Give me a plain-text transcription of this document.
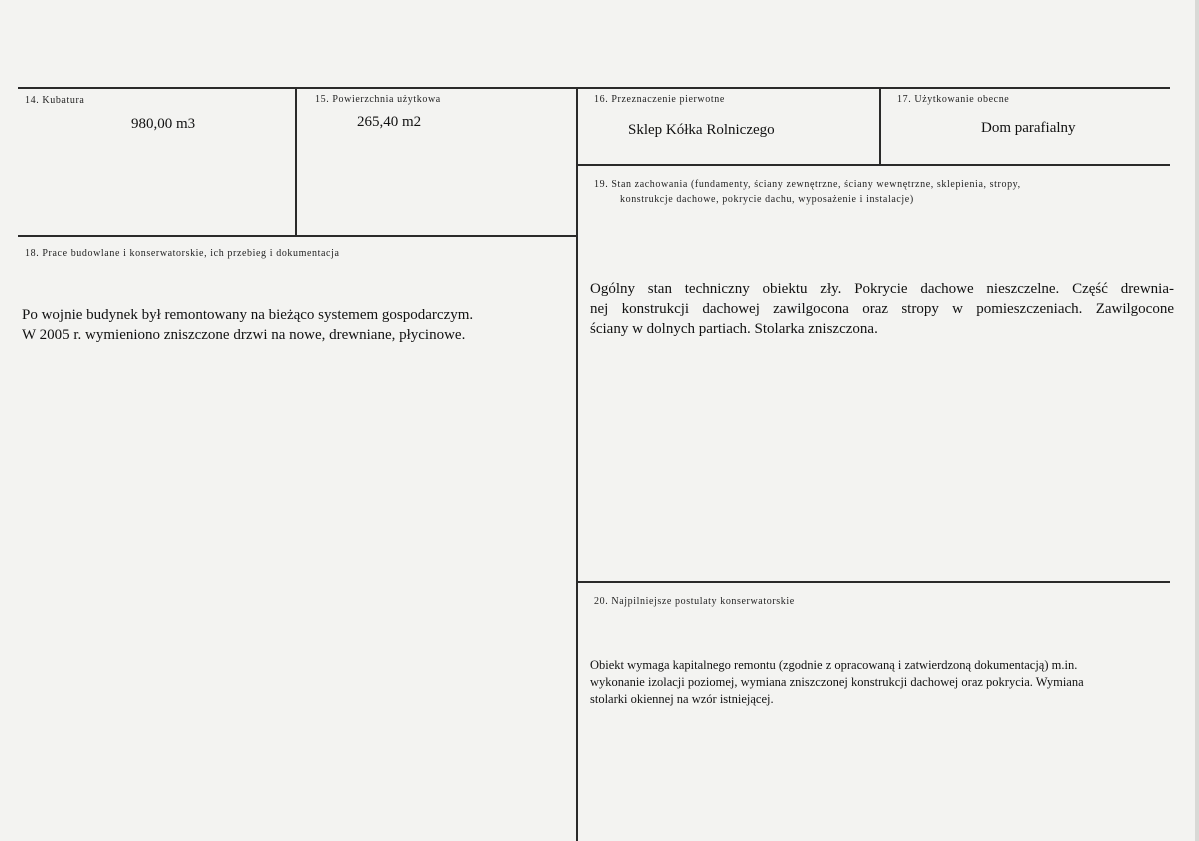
14. Kubatura
980,00 m3
15. Powierzchnia użytkowa
265,40 m2
16. Przeznaczenie pierwotne
Sklep Kółka Rolniczego
17. Użytkowanie obecne
Dom parafialny
18. Prace budowlane i konserwatorskie, ich przebieg i dokumentacja
Po wojnie budynek był remontowany na bieżąco systemem gospodarczym.
W 2005 r. wymieniono zniszczone drzwi na nowe, drewniane, płycinowe.
19. Stan zachowania (fundamenty, ściany zewnętrzne, ściany wewnętrzne, sklepienia, stropy,
konstrukcje dachowe, pokrycie dachu, wyposażenie i instalacje)
Ogólny stan techniczny obiektu zły. Pokrycie dachowe nieszczelne. Część drewnia-
nej konstrukcji dachowej zawilgocona oraz stropy w pomieszczeniach. Zawilgocone
ściany w dolnych partiach. Stolarka zniszczona.
20. Najpilniejsze postulaty konserwatorskie
Obiekt wymaga kapitalnego remontu (zgodnie z opracowaną i zatwierdzoną dokumentacją) m.in.
wykonanie izolacji poziomej, wymiana zniszczonej konstrukcji dachowej oraz pokrycia. Wymiana
stolarki okiennej na wzór istniejącej.
